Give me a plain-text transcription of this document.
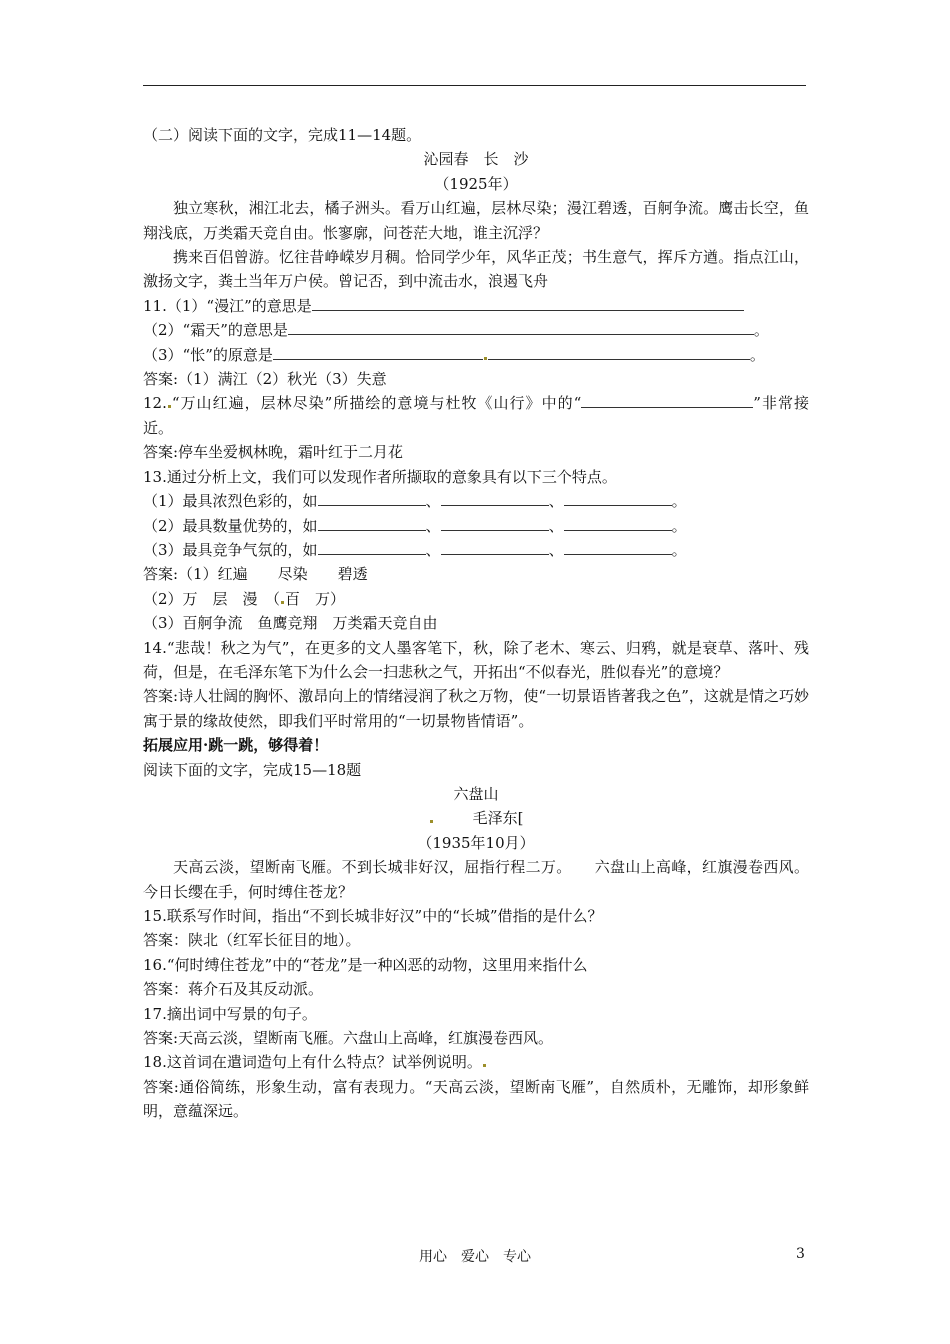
（二）阅读下面的文字，完成11—14题。

沁园春　长　沙

（1925年）

独立寒秋，湘江北去，橘子洲头。看万山红遍，层林尽染；漫江碧透，百舸争流。鹰击长空，鱼翔浅底，万类霜天竞自由。怅寥廓，问苍茫大地，谁主沉浮？

携来百侣曾游。忆往昔峥嵘岁月稠。恰同学少年，风华正茂；书生意气，挥斥方遒。指点江山，激扬文字，粪土当年万户侯。曾记否，到中流击水，浪遏飞舟

11.（1）“漫江”的意思是

（2）“霜天”的意思是	。

（3）“怅”的原意是	。

答案:（1）满江（2）秋光（3）失意

12. “万山红遍，层林尽染”所描绘的意境与杜牧《山行》中的“	”非常接近。

答案:停车坐爱枫林晚，霜叶红于二月花

13.通过分析上文，我们可以发现作者所撷取的意象具有以下三个特点。

（1）最具浓烈色彩的，如	、	、	。

（2）最具数量优势的，如	、	、	。

（3）最具竞争气氛的，如	、	、	。

答案:（1）红遍　　尽染　　碧透

（2）万　层　漫　（ 百　万）

（3）百舸争流　鱼鹰竞翔　万类霜天竞自由

14.“悲哉！秋之为气”，在更多的文人墨客笔下，秋，除了老木、寒云、归鸦，就是衰草、落叶、残荷，但是，在毛泽东笔下为什么会一扫悲秋之气，开拓出“不似春光，胜似春光”的意境？

答案:诗人壮阔的胸怀、激昂向上的情绪浸润了秋之万物，使“一切景语皆著我之色”，这就是情之巧妙寓于景的缘故使然，即我们平时常用的“一切景物皆情语”。

拓展应用·跳一跳，够得着！

阅读下面的文字，完成15—18题

六盘山

毛泽东[

（1935年10月）

天高云淡，望断南飞雁。不到长城非好汉，屈指行程二万。　　六盘山上高峰，红旗漫卷西风。今日长缨在手，何时缚住苍龙？

15.联系写作时间，指出“不到长城非好汉”中的“长城”借指的是什么？

答案：陕北（红军长征目的地）。

16.“何时缚住苍龙”中的“苍龙”是一种凶恶的动物，这里用来指什么

答案：蒋介石及其反动派。

17.摘出词中写景的句子。

答案:天高云淡，望断南飞雁。六盘山上高峰，红旗漫卷西风。

18.这首词在遣词造句上有什么特点？试举例说明。

答案:通俗简练，形象生动，富有表现力。“天高云淡，望断南飞雁”，自然质朴，无雕饰，却形象鲜明，意蕴深远。

用心　爱心　专心	3
